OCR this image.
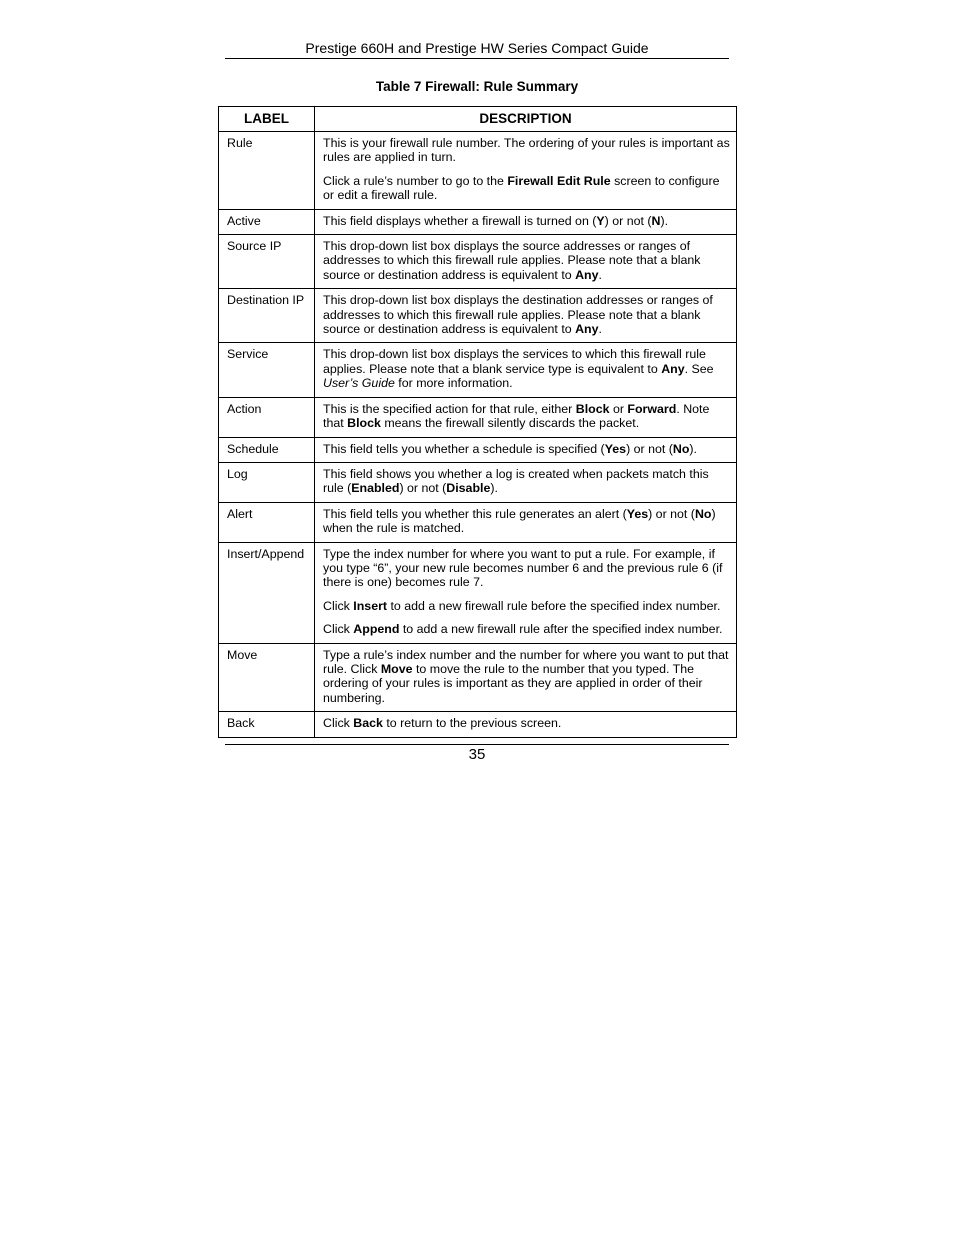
Prestige 660H and Prestige HW Series Compact Guide
Table 7 Firewall: Rule Summary
LABEL	DESCRIPTION
Rule	This is your firewall rule number. The ordering of your rules is important as rules are applied in turn.

Click a rule’s number to go to the Firewall Edit Rule screen to configure or edit a firewall rule.

Active	This field displays whether a firewall is turned on (Y) or not (N).

Source IP	This drop-down list box displays the source addresses or ranges of addresses to which this firewall rule applies. Please note that a blank source or destination address is equivalent to Any.

Destination IP	This drop-down list box displays the destination addresses or ranges of addresses to which this firewall rule applies. Please note that a blank source or destination address is equivalent to Any.

Service	This drop-down list box displays the services to which this firewall rule applies. Please note that a blank service type is equivalent to Any. See User’s Guide for more information.

Action	This is the specified action for that rule, either Block or Forward. Note that Block means the firewall silently discards the packet.

Schedule	This field tells you whether a schedule is specified (Yes) or not (No).

Log	This field shows you whether a log is created when packets match this rule (Enabled) or not (Disable).

Alert	This field tells you whether this rule generates an alert (Yes) or not (No) when the rule is matched.

Insert/Append	Type the index number for where you want to put a rule. For example, if you type “6”, your new rule becomes number 6 and the previous rule 6 (if there is one) becomes rule 7.

Click Insert to add a new firewall rule before the specified index number.

Click Append to add a new firewall rule after the specified index number.

Move	Type a rule’s index number and the number for where you want to put that rule. Click Move to move the rule to the number that you typed. The ordering of your rules is important as they are applied in order of their numbering.

Back	Click Back to return to the previous screen.

35
